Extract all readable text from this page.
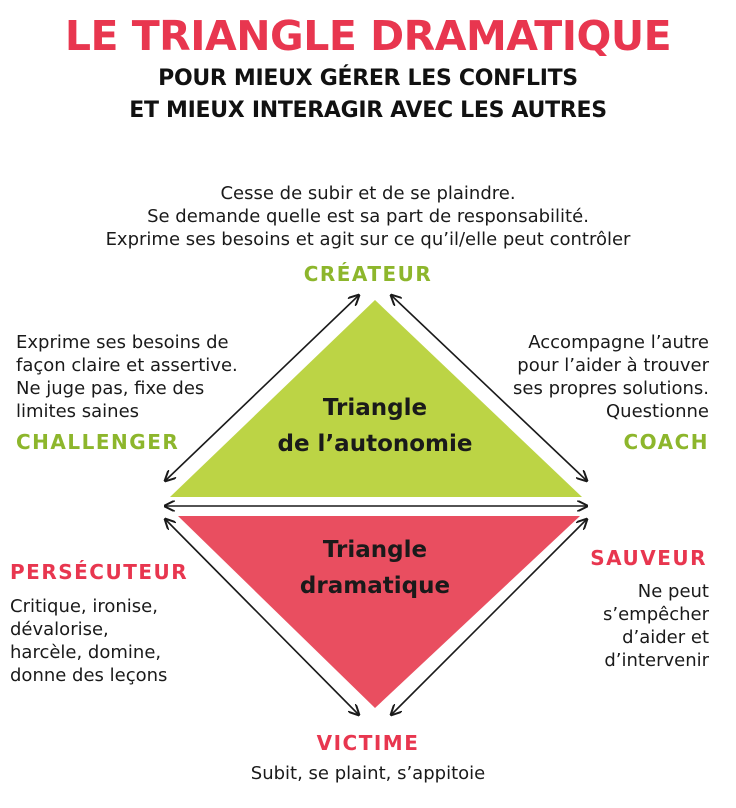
LE TRIANGLE DRAMATIQUE
POUR MIEUX GÉRER LES CONFLITS
ET MIEUX INTERAGIR AVEC LES AUTRES
Cesse de subir et de se plaindre.
Se demande quelle est sa part de responsabilité.
Exprime ses besoins et agit sur ce qu’il/elle peut contrôler
CRÉATEUR
Exprime ses besoins de
façon claire et assertive.
Ne juge pas, fixe des
limites saines
CHALLENGER
Accompagne l’autre
pour l’aider à trouver
ses propres solutions.
Questionne
COACH
Triangle
de l’autonomie
Triangle
dramatique
PERSÉCUTEUR
Critique, ironise,
dévalorise,
harcèle, domine,
donne des leçons
SAUVEUR
Ne peut
s’empêcher
d’aider et
d’intervenir
VICTIME
Subit, se plaint, s’appitoie
